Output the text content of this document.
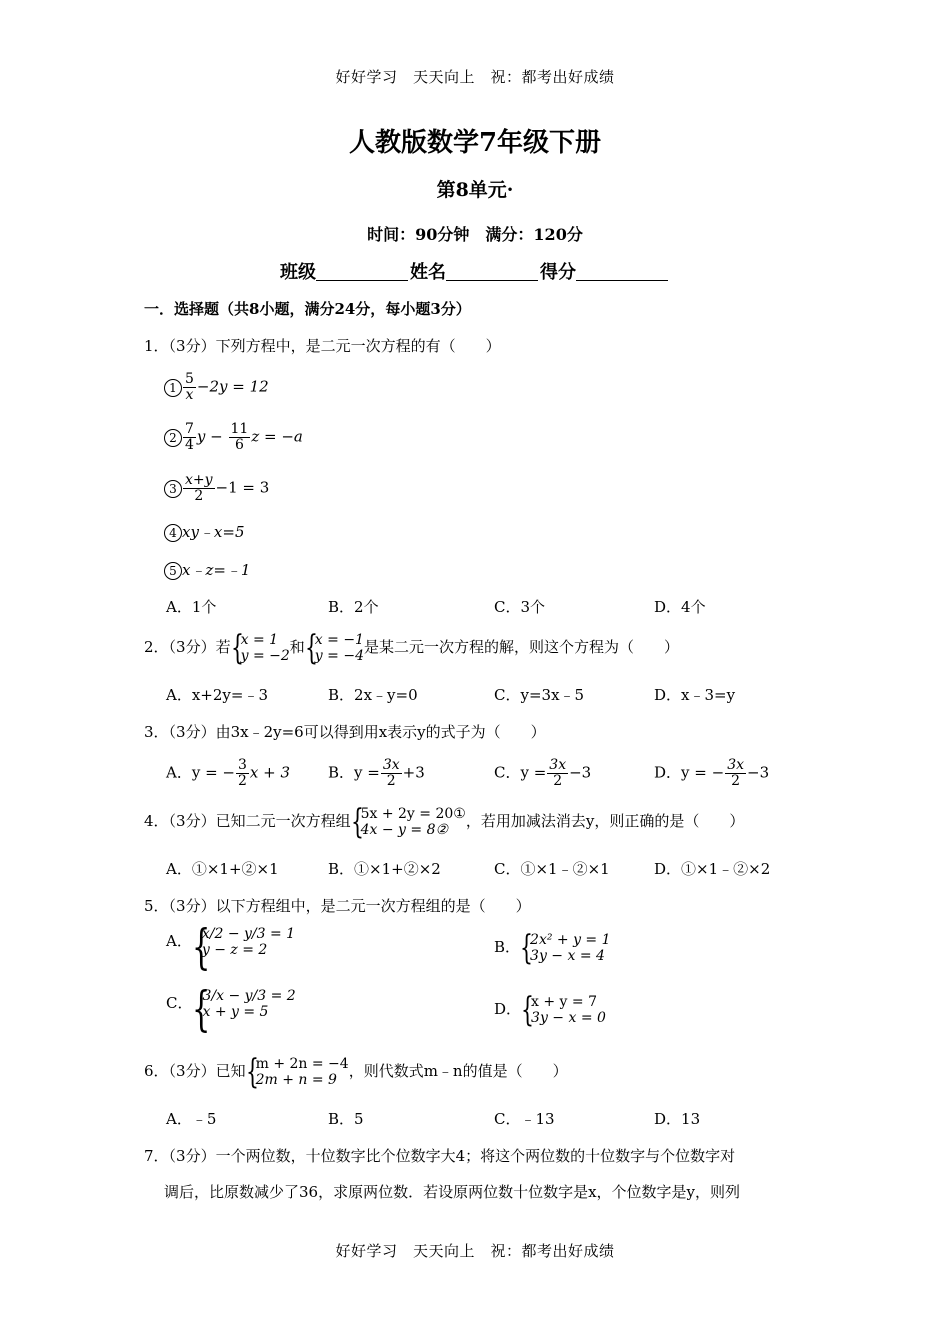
好好学习　天天向上　祝：都考出好成绩
人教版数学7年级下册
第8单元·
时间：90分钟　满分：120分
班级	姓名	得分
一．选择题（共8小题，满分24分，每小题3分）
1．（3分）下列方程中，是二元一次方程的有（　　）
$1 \frac{5}{x} -2y = 12$
$2 \frac{7}{4}$ $y - \frac{11}{6}$ z = −a
$3 \frac{x+y}{2} -1 = 3$
4 xy﹣x=5
5 x﹣z=﹣1
A．1个	B．2个	C．3个	D．4个
2．（3分）若 { x = 1
y = −2 和 { x = −1
y = −4 是某二元一次方程的解，则这个方程为（　　）
A．x+2y=﹣3	B．2x﹣y=0	C．y=3x﹣5	D．x﹣3=y
3．（3分）由3x﹣2y=6可以得到用x表示y的式子为（　　）
A．y = − $\frac{3}{2}$ x + 3	B．$y = \frac{3x}{2} +3$	C．$y = \frac{3x}{2} -3$	D．y = − $\frac{3x}{2} -3$
4．（3分）已知二元一次方程组 { 5x + 2y = 20①
4x − y = 8②	，若用加减法消去y，则正确的是（　　）
A．①×1+②×1	B．①×1+②×2	C．①×1﹣②×1	D．①×1﹣②×2
5．（3分）以下方程组中，是二元一次方程组的是（　　）
A． { x/2 − y/3 = 1
y − z = 2	B． { 2x² + y = 1
3y − x = 4
C． { 3/x − y/3 = 2
x + y = 5	D． { x + y = 7
3y − x = 0
6．（3分）已知 { m + 2n = −4
2m + n = 9 ，则代数式m﹣n的值是（　　）
A．﹣5	B．5	C．﹣13	D．13
7．（3分）一个两位数，十位数字比个位数字大4；将这个两位数的十位数字与个位数字对
调后，比原数减少了36，求原两位数．若设原两位数十位数字是x，个位数字是y，则列
好好学习　天天向上　祝：都考出好成绩
